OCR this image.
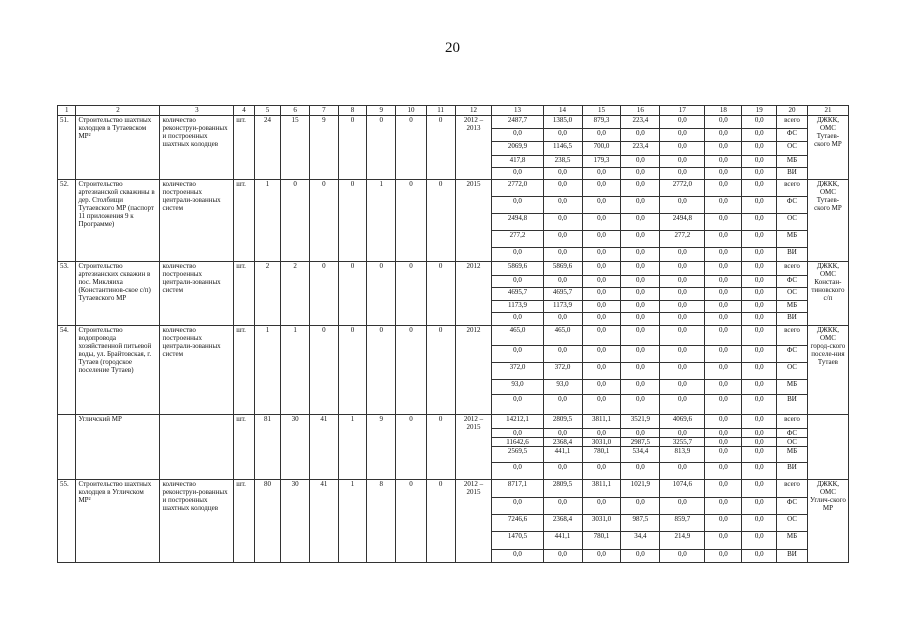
20
1	2	3	4	5	6	7	8	9	10	11	12	13	14	15	16	17	18	19	20	21
51.	Строительство шахтных колодцев в Тутаевском МР²	количество реконструи-рованных и построенных шахтных колодцев	шт.	24	15	9	0	0	0	0	2012 – 2013	2487,7	1385,0	879,3	223,4	0,0	0,0	0,0	всего	ДЖКК, ОМС Тутаев-ского МР
												0,0	0,0	0,0	0,0	0,0	0,0	0,0	ФС	
												2069,9	1146,5	700,0	223,4	0,0	0,0	0,0	ОС	
												417,8	238,5	179,3	0,0	0,0	0,0	0,0	МБ	
												0,0	0,0	0,0	0,0	0,0	0,0	0,0	ВИ	
52.	Строительство артезианской скважины в дер. Столбищи Тутаевского МР (паспорт 11 приложения 9 к Программе)	количество построенных централи-зованных систем	шт.	1	0	0	0	1	0	0	2015	2772,0	0,0	0,0	0,0	2772,0	0,0	0,0	всего	ДЖКК, ОМС Тутаев-ского МР
												0,0	0,0	0,0	0,0	0,0	0,0	0,0	ФС	
												2494,8	0,0	0,0	0,0	2494,8	0,0	0,0	ОС	
												277,2	0,0	0,0	0,0	277,2	0,0	0,0	МБ	
												0,0	0,0	0,0	0,0	0,0	0,0	0,0	ВИ	
53.	Строительство артезианских скважин в пос. Микляиха (Константинов-ское с/п) Тутаевского МР	количество построенных централи-зованных систем	шт.	2	2	0	0	0	0	0	2012	5869,6	5869,6	0,0	0,0	0,0	0,0	0,0	всего	ДЖКК, ОМС Констан-тиновского с/п
												0,0	0,0	0,0	0,0	0,0	0,0	0,0	ФС	
												4695,7	4695,7	0,0	0,0	0,0	0,0	0,0	ОС	
												1173,9	1173,9	0,0	0,0	0,0	0,0	0,0	МБ	
												0,0	0,0	0,0	0,0	0,0	0,0	0,0	ВИ	
54.	Строительство водопровода хозяйственной питьевой воды, ул. Брайтовская, г. Тутаев (городское поселение Тутаев)	количество построенных централи-зованных систем	шт.	1	1	0	0	0	0	0	2012	465,0	465,0	0,0	0,0	0,0	0,0	0,0	всего	ДЖКК, ОМС город-ского поселе-ния Тутаев
												0,0	0,0	0,0	0,0	0,0	0,0	0,0	ФС	
												372,0	372,0	0,0	0,0	0,0	0,0	0,0	ОС	
												93,0	93,0	0,0	0,0	0,0	0,0	0,0	МБ	
												0,0	0,0	0,0	0,0	0,0	0,0	0,0	ВИ	
	Угличский МР		шт.	81	30	41	1	9	0	0	2012 – 2015	14212,1	2809,5	3811,1	3521,9	4069,6	0,0	0,0	всего	
												0,0	0,0	0,0	0,0	0,0	0,0	0,0	ФС	
												11642,6	2368,4	3031,0	2987,5	3255,7	0,0	0,0	ОС	
												2569,5	441,1	780,1	534,4	813,9	0,0	0,0	МБ	
												0,0	0,0	0,0	0,0	0,0	0,0	0,0	ВИ	
55.	Строительство шахтных колодцев в Угличском МР²	количество реконструи-рованных и построенных шахтных колодцев	шт.	80	30	41	1	8	0	0	2012 – 2015	8717,1	2809,5	3811,1	1021,9	1074,6	0,0	0,0	всего	ДЖКК, ОМС Углич-ского МР
												0,0	0,0	0,0	0,0	0,0	0,0	0,0	ФС	
												7246,6	2368,4	3031,0	987,5	859,7	0,0	0,0	ОС	
												1470,5	441,1	780,1	34,4	214,9	0,0	0,0	МБ	
												0,0	0,0	0,0	0,0	0,0	0,0	0,0	ВИ	
